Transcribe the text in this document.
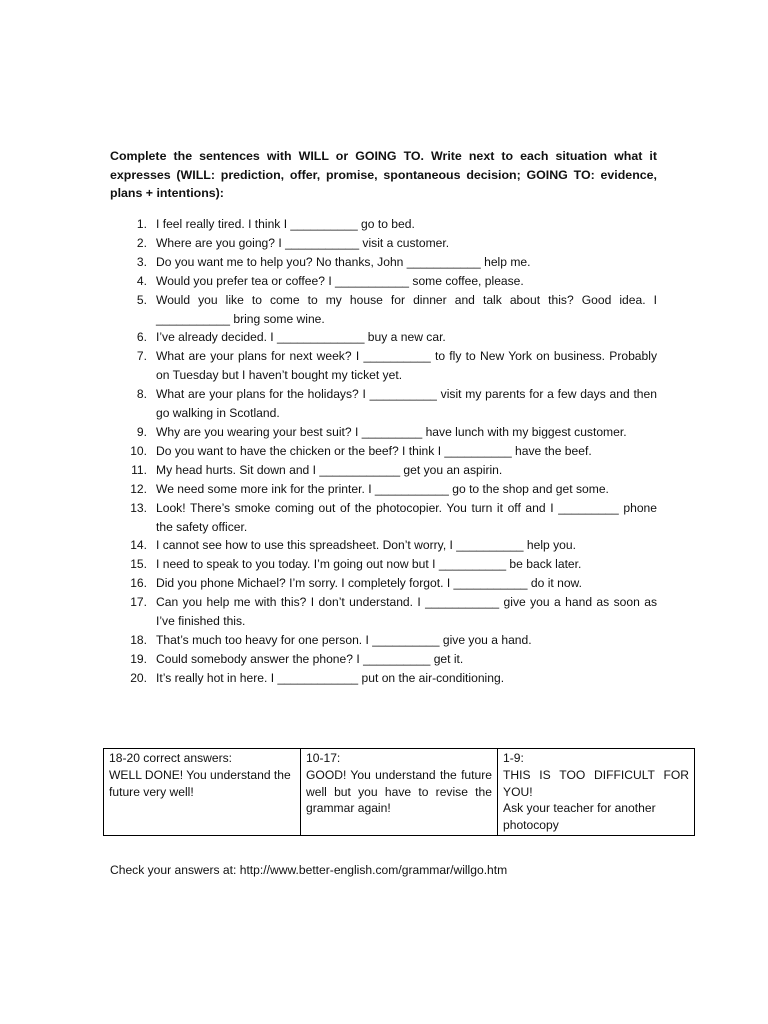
Complete the sentences with WILL or GOING TO. Write next to each situation what it expresses (WILL: prediction, offer, promise, spontaneous decision; GOING TO: evidence, plans + intentions):

1. I feel really tired. I think I __________ go to bed.
2. Where are you going? I ___________ visit a customer.
3. Do you want me to help you? No thanks, John ___________ help me.
4. Would you prefer tea or coffee? I ___________ some coffee, please.
5. Would you like to come to my house for dinner and talk about this? Good idea. I ___________ bring some wine.
6. I’ve already decided. I _____________ buy a new car.
7. What are your plans for next week? I __________ to fly to New York on business. Probably on Tuesday but I haven’t bought my ticket yet.
8. What are your plans for the holidays? I __________ visit my parents for a few days and then go walking in Scotland.
9. Why are you wearing your best suit? I _________ have lunch with my biggest customer.
10. Do you want to have the chicken or the beef? I think I __________ have the beef.
11. My head hurts. Sit down and I ____________ get you an aspirin.
12. We need some more ink for the printer. I ___________ go to the shop and get some.
13. Look! There’s smoke coming out of the photocopier. You turn it off and I _________ phone the safety officer.
14. I cannot see how to use this spreadsheet. Don’t worry, I __________ help you.
15. I need to speak to you today. I’m going out now but I __________ be back later.
16. Did you phone Michael? I’m sorry. I completely forgot. I ___________ do it now.
17. Can you help me with this? I don’t understand. I ___________ give you a hand as soon as I’ve finished this.
18. That’s much too heavy for one person. I __________ give you a hand.
19. Could somebody answer the phone? I __________ get it.
20. It’s really hot in here. I ____________ put on the air-conditioning.
18-20 correct answers:
WELL DONE! You understand the future very well!

10-17:
GOOD! You understand the future well but you have to revise the grammar again!

1-9:
THIS IS TOO DIFFICULT FOR YOU!
Ask your teacher for another photocopy

Check your answers at: http://www.better-english.com/grammar/willgo.htm
